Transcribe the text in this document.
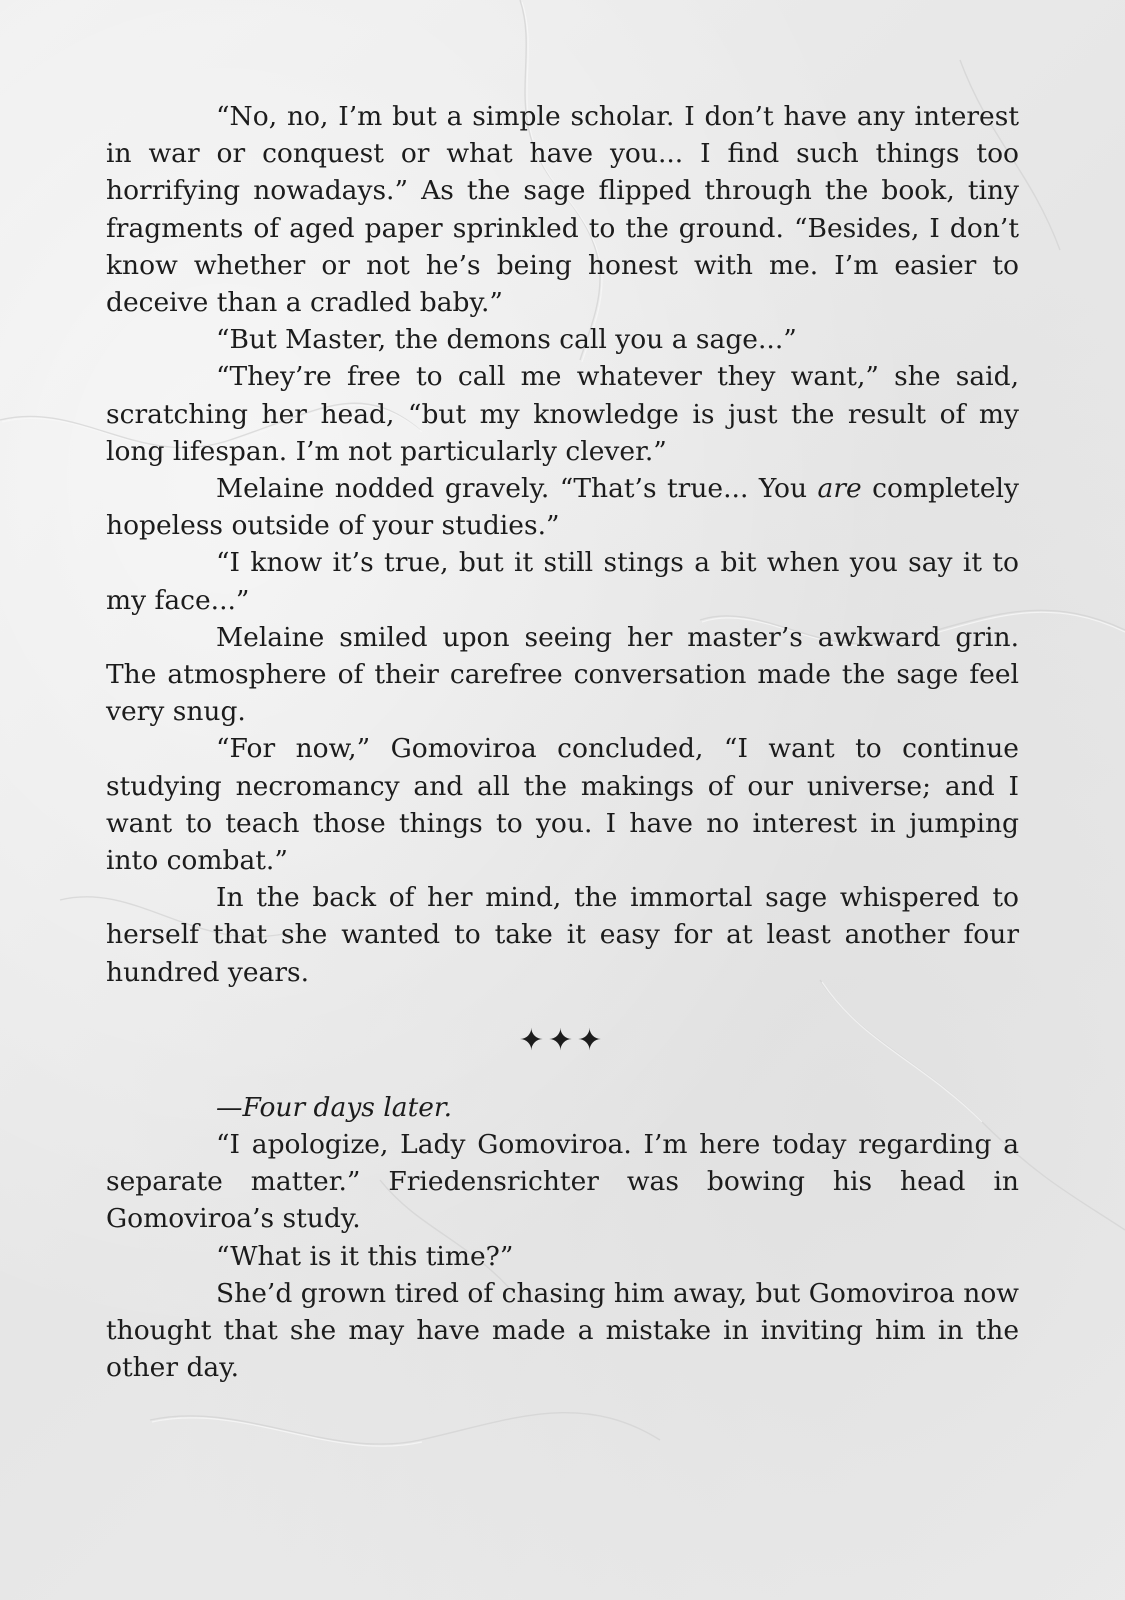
“No, no, I’m but a simple scholar. I don’t have any interest in war or conquest or what have you... I find such things too horrifying nowadays.” As the sage flipped through the book, tiny fragments of aged paper sprinkled to the ground. “Besides, I don’t know whether or not he’s being honest with me. I’m easier to deceive than a cradled baby.”

“But Master, the demons call you a sage...”

“They’re free to call me whatever they want,” she said, scratching her head, “but my knowledge is just the result of my long lifespan. I’m not particularly clever.”

Melaine nodded gravely. “That’s true... You are completely hopeless outside of your studies.”

“I know it’s true, but it still stings a bit when you say it to my face...”

Melaine smiled upon seeing her master’s awkward grin. The atmosphere of their carefree conversation made the sage feel very snug.

“For now,” Gomoviroa concluded, “I want to continue studying necromancy and all the makings of our universe; and I want to teach those things to you. I have no interest in jumping into combat.”

In the back of her mind, the immortal sage whispered to herself that she wanted to take it easy for at least another four hundred years.

✦✦✦

—Four days later.

“I apologize, Lady Gomoviroa. I’m here today regarding a separate matter.” Friedensrichter was bowing his head in Gomoviroa’s study.

“What is it this time?”

She’d grown tired of chasing him away, but Gomoviroa now thought that she may have made a mistake in inviting him in the other day.
